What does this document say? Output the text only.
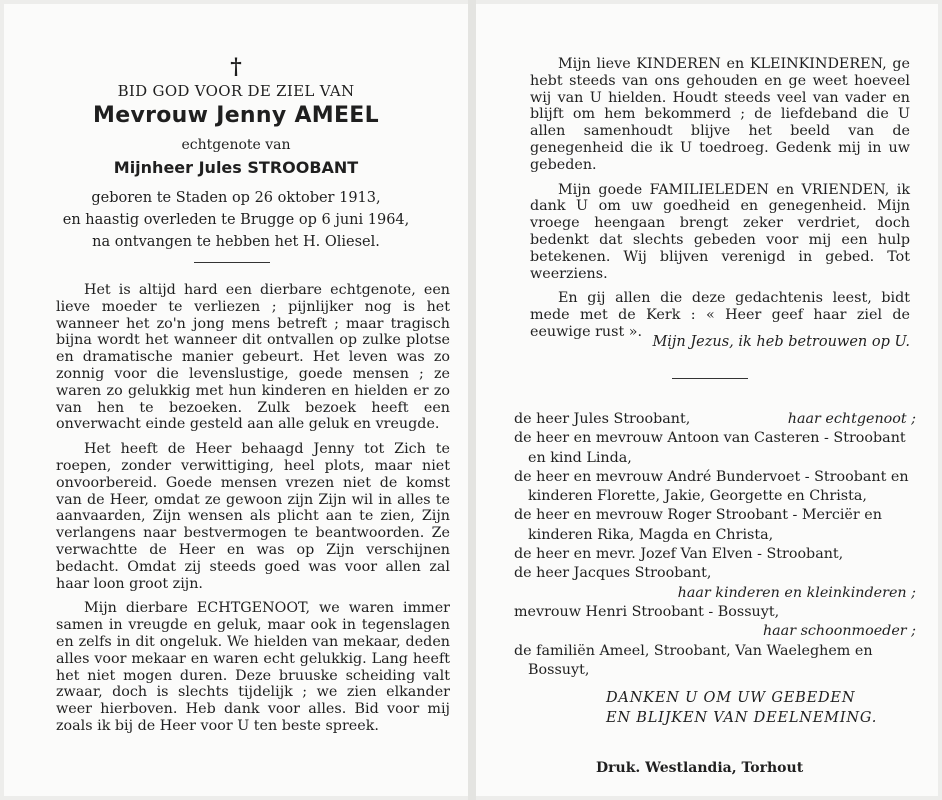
†
BID GOD VOOR DE ZIEL VAN
Mevrouw Jenny AMEEL
echtgenote van
Mijnheer Jules STROOBANT
geboren te Staden op 26 oktober 1913,
en haastig overleden te Brugge op 6 juni 1964,
na ontvangen te hebben het H. Oliesel.

Het is altijd hard een dierbare echtgenote, een lieve moeder te verliezen ; pijnlijker nog is het wanneer het zo'n jong mens betreft ; maar tragisch bijna wordt het wanneer dit ontvallen op zulke plotse en dramatische manier gebeurt. Het leven was zo zonnig voor die levenslustige, goede mensen ; ze waren zo gelukkig met hun kinderen en hielden er zo van hen te bezoeken. Zulk bezoek heeft een onverwacht einde gesteld aan alle geluk en vreugde.

Het heeft de Heer behaagd Jenny tot Zich te roepen, zonder verwittiging, heel plots, maar niet onvoorbereid. Goede mensen vrezen niet de komst van de Heer, omdat ze gewoon zijn Zijn wil in alles te aanvaarden, Zijn wensen als plicht aan te zien, Zijn verlangens naar bestvermogen te beantwoorden. Ze verwachtte de Heer en was op Zijn verschijnen bedacht. Omdat zij steeds goed was voor allen zal haar loon groot zijn.

Mijn dierbare ECHTGENOOT, we waren immer samen in vreugde en geluk, maar ook in tegenslagen en zelfs in dit ongeluk. We hielden van mekaar, deden alles voor mekaar en waren echt gelukkig. Lang heeft het niet mogen duren. Deze bruuske scheiding valt zwaar, doch is slechts tijdelijk ; we zien elkander weer hierboven. Heb dank voor alles. Bid voor mij zoals ik bij de Heer voor U ten beste spreek.

Mijn lieve KINDEREN en KLEINKINDEREN, ge hebt steeds van ons gehouden en ge weet hoeveel wij van U hielden. Houdt steeds veel van vader en blijft om hem bekommerd ; de liefdeband die U allen samenhoudt blijve het beeld van de genegenheid die ik U toedroeg. Gedenk mij in uw gebeden.

Mijn goede FAMILIELEDEN en VRIENDEN, ik dank U om uw goedheid en genegenheid. Mijn vroege heengaan brengt zeker verdriet, doch bedenkt dat slechts gebeden voor mij een hulp betekenen. Wij blijven verenigd in gebed. Tot weerziens.

En gij allen die deze gedachtenis leest, bidt mede met de Kerk : « Heer geef haar ziel de eeuwige rust ».

Mijn Jezus, ik heb betrouwen op U.
de heer Jules Stroobant,	haar echtgenoot ;
de heer en mevrouw Antoon van Casteren - Stroobant en kind Linda,
de heer en mevrouw André Bundervoet - Stroobant en kinderen Florette, Jakie, Georgette en Christa,
de heer en mevrouw Roger Stroobant - Merciër en kinderen Rika, Magda en Christa,
de heer en mevr. Jozef Van Elven - Stroobant,
de heer Jacques Stroobant,
haar kinderen en kleinkinderen ;
mevrouw Henri Stroobant - Bossuyt,
haar schoonmoeder ;
de familiën Ameel, Stroobant, Van Waeleghem en Bossuyt,
DANKEN U OM UW GEBEDEN
EN BLIJKEN VAN DEELNEMING.
Druk. Westlandia, Torhout
